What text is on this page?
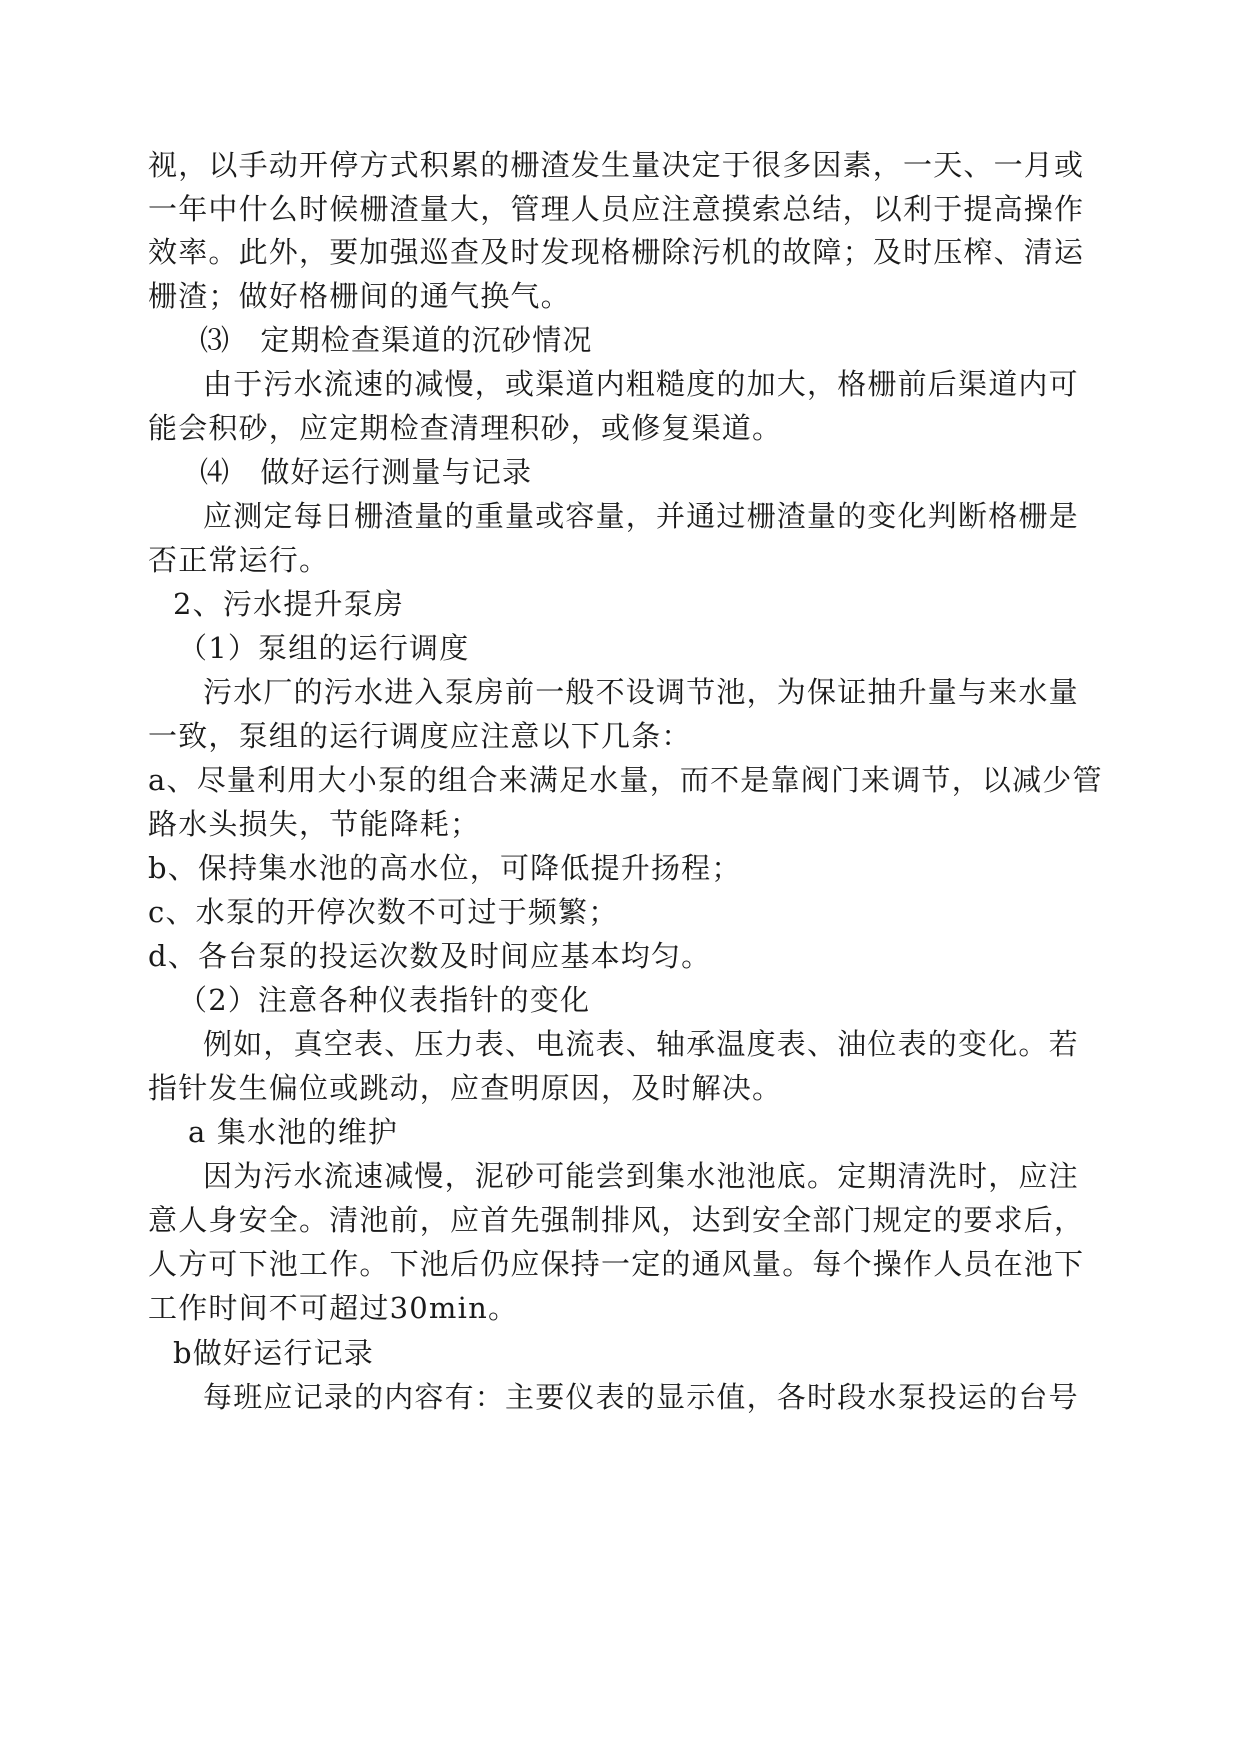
视，以手动开停方式积累的栅渣发生量决定于很多因素，一天、一月或
一年中什么时候栅渣量大，管理人员应注意摸索总结，以利于提高操作
效率。此外，要加强巡查及时发现格栅除污机的故障；及时压榨、清运
栅渣；做好格栅间的通气换气。
⑶　定期检查渠道的沉砂情况
由于污水流速的减慢，或渠道内粗糙度的加大，格栅前后渠道内可
能会积砂，应定期检查清理积砂，或修复渠道。
⑷　做好运行测量与记录
应测定每日栅渣量的重量或容量，并通过栅渣量的变化判断格栅是
否正常运行。
2、污水提升泵房
（1）泵组的运行调度
污水厂的污水进入泵房前一般不设调节池，为保证抽升量与来水量
一致，泵组的运行调度应注意以下几条：
a、尽量利用大小泵的组合来满足水量，而不是靠阀门来调节，以减少管
路水头损失，节能降耗；
b、保持集水池的高水位，可降低提升扬程；
c、水泵的开停次数不可过于频繁；
d、各台泵的投运次数及时间应基本均匀。
（2）注意各种仪表指针的变化
例如，真空表、压力表、电流表、轴承温度表、油位表的变化。若
指针发生偏位或跳动，应查明原因，及时解决。
a 集水池的维护
因为污水流速减慢，泥砂可能尝到集水池池底。定期清洗时，应注
意人身安全。清池前，应首先强制排风，达到安全部门规定的要求后，
人方可下池工作。下池后仍应保持一定的通风量。每个操作人员在池下
工作时间不可超过30min。
b做好运行记录
每班应记录的内容有：主要仪表的显示值，各时段水泵投运的台号
